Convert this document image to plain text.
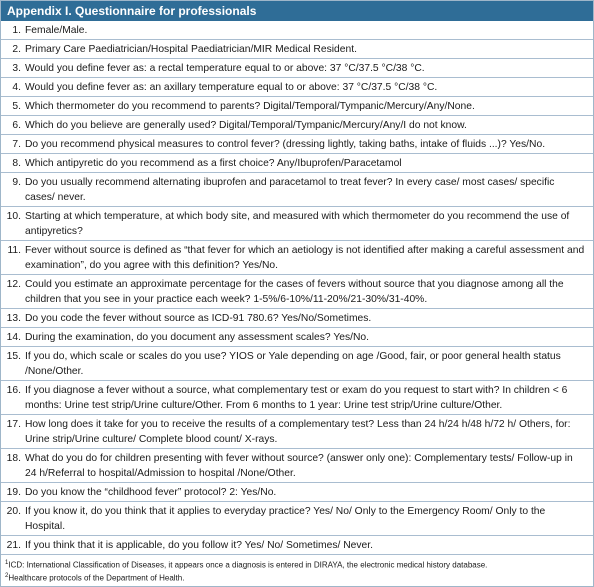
Appendix I. Questionnaire for professionals
1. Female/Male.
2. Primary Care Paediatrician/Hospital Paediatrician/MIR Medical Resident.
3. Would you define fever as: a rectal temperature equal to or above: 37 °C/37.5 °C/38 °C.
4. Would you define fever as: an axillary temperature equal to or above: 37 °C/37.5 °C/38 °C.
5. Which thermometer do you recommend to parents? Digital/Temporal/Tympanic/Mercury/Any/None.
6. Which do you believe are generally used? Digital/Temporal/Tympanic/Mercury/Any/I do not know.
7. Do you recommend physical measures to control fever? (dressing lightly, taking baths, intake of fluids ...)? Yes/No.
8. Which antipyretic do you recommend as a first choice? Any/Ibuprofen/Paracetamol
9. Do you usually recommend alternating ibuprofen and paracetamol to treat fever? In every case/ most cases/ specific cases/ never.
10. Starting at which temperature, at which body site, and measured with which thermometer do you recommend the use of antipyretics?
11. Fever without source is defined as “that fever for which an aetiology is not identified after making a careful assessment and examination”, do you agree with this definition? Yes/No.
12. Could you estimate an approximate percentage for the cases of fevers without source that you diagnose among all the children that you see in your practice each week? 1-5%/6-10%/11-20%/21-30%/31-40%.
13. Do you code the fever without source as ICD-91 780.6? Yes/No/Sometimes.
14. During the examination, do you document any assessment scales? Yes/No.
15. If you do, which scale or scales do you use? YIOS or Yale depending on age /Good, fair, or poor general health status /None/Other.
16. If you diagnose a fever without a source, what complementary test or exam do you request to start with? In children < 6 months: Urine test strip/Urine culture/Other. From 6 months to 1 year: Urine test strip/Urine culture/Other.
17. How long does it take for you to receive the results of a complementary test? Less than 24 h/24 h/48 h/72 h/ Others, for: Urine strip/Urine culture/ Complete blood count/ X-rays.
18. What do you do for children presenting with fever without source? (answer only one): Complementary tests/ Follow-up in 24 h/Referral to hospital/Admission to hospital /None/Other.
19. Do you know the “childhood fever” protocol? 2: Yes/No.
20. If you know it, do you think that it applies to everyday practice? Yes/ No/ Only to the Emergency Room/ Only to the Hospital.
21. If you think that it is applicable, do you follow it? Yes/ No/ Sometimes/ Never.
$^1$ICD: International Classification of Diseases, it appears once a diagnosis is entered in DIRAYA, the electronic medical history database.
$^2$Healthcare protocols of the Department of Health.
